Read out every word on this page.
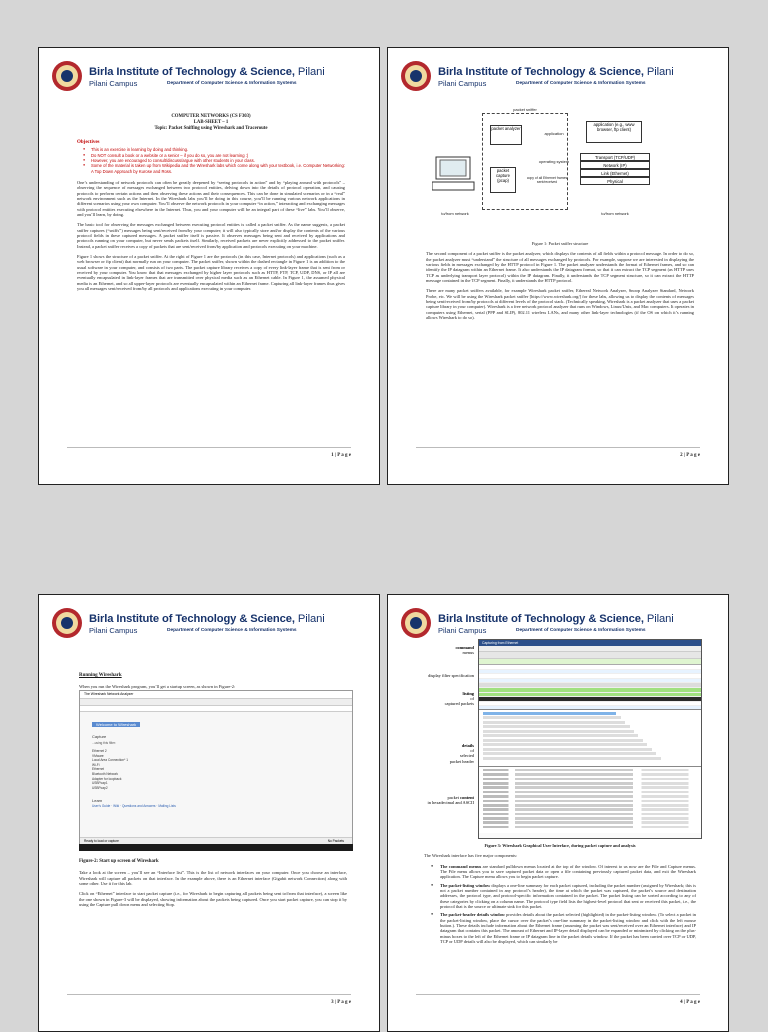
Birla Institute of Technology & Science, Pilani
Pilani Campus	Department of Computer Science & Information Systems
COMPUTER NETWORKS (CS F303)
LAB-SHEET – 1
Topic: Packet Sniffing using Wireshark and Traceroute
Objectives
● This is an exercise in learning by doing and thinking.
● Do NOT consult a book or a website or a senior – if you do so, you are not learning :)
● However, you are encouraged to consult/discuss/argue with other students in your class.
● Some of the material is taken up from Wikipedia and the Wireshark labs which come along with your textbook, i.e. Computer Networking: A Top Down Approach by Kurose and Ross.

One’s understanding of network protocols can often be greatly deepened by “seeing protocols in action” and by “playing around with protocols” – observing the sequence of messages exchanged between two protocol entities, delving down into the details of protocol operation, and causing protocols to perform certain actions and then observing these actions and their consequences. This can be done in simulated scenarios or in a “real” network environment such as the Internet. In the Wireshark labs you’ll be doing in this course, you’ll be running various network applications in different scenarios using your own computer. You’ll observe the network protocols in your computer “in action,” interacting and exchanging messages with protocol entities executing elsewhere in the Internet. Thus, you and your computer will be an integral part of these “live” labs. You’ll observe, and you’ll learn, by doing.

The basic tool for observing the messages exchanged between executing protocol entities is called a packet sniffer. As the name suggests, a packet sniffer captures (“sniffs”) messages being sent/received from/by your computer; it will also typically store and/or display the contents of the various protocol fields in these captured messages. A packet sniffer itself is passive. It observes messages being sent and received by applications and protocols running on your computer, but never sends packets itself. Similarly, received packets are never explicitly addressed to the packet sniffer. Instead, a packet sniffer receives a copy of packets that are sent/received from/by application and protocols executing on your machine.

Figure 1 shows the structure of a packet sniffer. At the right of Figure 1 are the protocols (in this case, Internet protocols) and applications (such as a web browser or ftp client) that normally run on your computer. The packet sniffer, shown within the dashed rectangle in Figure 1 is an addition to the usual software in your computer, and consists of two parts. The packet capture library receives a copy of every link-layer frame that is sent from or received by your computer. You know that that messages exchanged by higher layer protocols such as HTTP, FTP, TCP, UDP, DNS, or IP all are eventually encapsulated in link-layer frames that are transmitted over physical media such as an Ethernet cable. In Figure 1, the assumed physical media is an Ethernet, and so all upper-layer protocols are eventually encapsulated within an Ethernet frame. Capturing all link-layer frames thus gives you all messages sent/received from/by all protocols and applications executing in your computer.

1 | P a g e
Birla Institute of Technology & Science, Pilani
Pilani Campus	Department of Computer Science & Information Systems
packet sniffer
packet analyzer
application
application (e.g., www browser, ftp client)
operating system
packet capture (pcap)	copy of all Ethernet frames sent/received
Transport (TCP/UDP)
Network (IP)
Link (Ethernet)
Physical
to/from network	to/from network

Figure 1: Packet sniffer structure

The second component of a packet sniffer is the packet analyzer, which displays the contents of all fields within a protocol message. In order to do so, the packet analyzer must “understand” the structure of all messages exchanged by protocols. For example, suppose we are interested in displaying the various fields in messages exchanged by the HTTP protocol in Figure 1. The packet analyzer understands the format of Ethernet frames, and so can identify the IP datagram within an Ethernet frame. It also understands the IP datagram format, so that it can extract the TCP segment (as HTTP uses TCP as underlying transport layer protocol) within the IP datagram. Finally, it understands the TCP segment structure, so it can extract the HTTP message contained in the TCP segment. Finally, it understands the HTTP protocol.

There are many packet sniffers available, for example Wireshark packet sniffer, Ethereal Network Analyzer, Snoop Analyzer Standard, Network Probe, etc. We will be using the Wireshark packet sniffer [https://www.wireshark.org/] for these labs, allowing us to display the contents of messages being sent/received from/by protocols at different levels of the protocol stack. (Technically speaking, Wireshark is a packet analyzer that uses a packet capture library in your computer). Wireshark is a free network protocol analyzer that runs on Windows, Linux/Unix, and Mac computers. It operates in computers using Ethernet, serial (PPP and SLIP), 802.11 wireless LANs, and many other link-layer technologies (if the OS on which it’s running allows Wireshark to do so).

2 | P a g e
Birla Institute of Technology & Science, Pilani
Pilani Campus	Department of Computer Science & Information Systems
Running Wireshark

When you run the Wireshark program, you’ll get a startup screen, as shown in Figure-2:

The Wireshark Network Analyzer
Welcome to Wireshark
Capture
...using this filter:
Ethernet 2
VMware
Local Area Connection* 1
Wi-Fi
Ethernet
Bluetooth Network
Adapter for loopback
USBPcap1
USBPcap2
Learn
User's Guide · Wiki · Questions and Answers · Mailing Lists
Ready to load or capture	No Packets

Figure-2: Start up screen of Wireshark

Take a look at the screen – you’ll see an “Interface list”. This is the list of network interfaces on your computer. Once you choose an interface, Wireshark will capture all packets on that interface. In the example above, there is an Ethernet interface (Gigabit network Connection) along with some other. Use it for this lab.

Click on “Ethernet” interface to start packet capture (i.e., for Wireshark to begin capturing all packets being sent to/from that interface), a screen like the one shown in Figure-3 will be displayed, showing information about the packets being captured. Once you start packet capture, you can stop it by using the Capture pull down menu and selecting Stop.

3 | P a g e
Birla Institute of Technology & Science, Pilani
Pilani Campus	Department of Computer Science & Information Systems
command
menus
display filter specification
listing
of
captured packets
details
of
selected
packet header
packet content
in hexadecimal and ASCII
Capturing from Ethernet

Figure 3: Wireshark Graphical User Interface, during packet capture and analysis

The Wireshark interface has five major components:

● The command menus are standard pulldown menus located at the top of the window. Of interest to us now are the File and Capture menus. The File menu allows you to save captured packet data or open a file containing previously captured packet data, and exit the Wireshark application. The Capture menu allows you to begin packet capture.
● The packet-listing window displays a one-line summary for each packet captured, including the packet number (assigned by Wireshark; this is not a packet number contained in any protocol’s header), the time at which the packet was captured, the packet’s source and destination addresses, the protocol type, and protocol-specific information contained in the packet. The packet listing can be sorted according to any of these categories by clicking on a column name. The protocol type field lists the highest-level protocol that sent or received this packet, i.e., the protocol that is the source or ultimate sink for this packet.
● The packet-header details window provides details about the packet selected (highlighted) in the packet-listing window. (To select a packet in the packet-listing window, place the cursor over the packet’s one-line summary in the packet-listing window and click with the left mouse button.). These details include information about the Ethernet frame (assuming the packet was sent/received over an Ethernet interface) and IP datagram that contains this packet. The amount of Ethernet and IP-layer detail displayed can be expanded or minimized by clicking on the plus-minus boxes to the left of the Ethernet frame or IP datagram line in the packet details window. If the packet has been carried over TCP or UDP, TCP or UDP details will also be displayed, which can similarly be
4 | P a g e
